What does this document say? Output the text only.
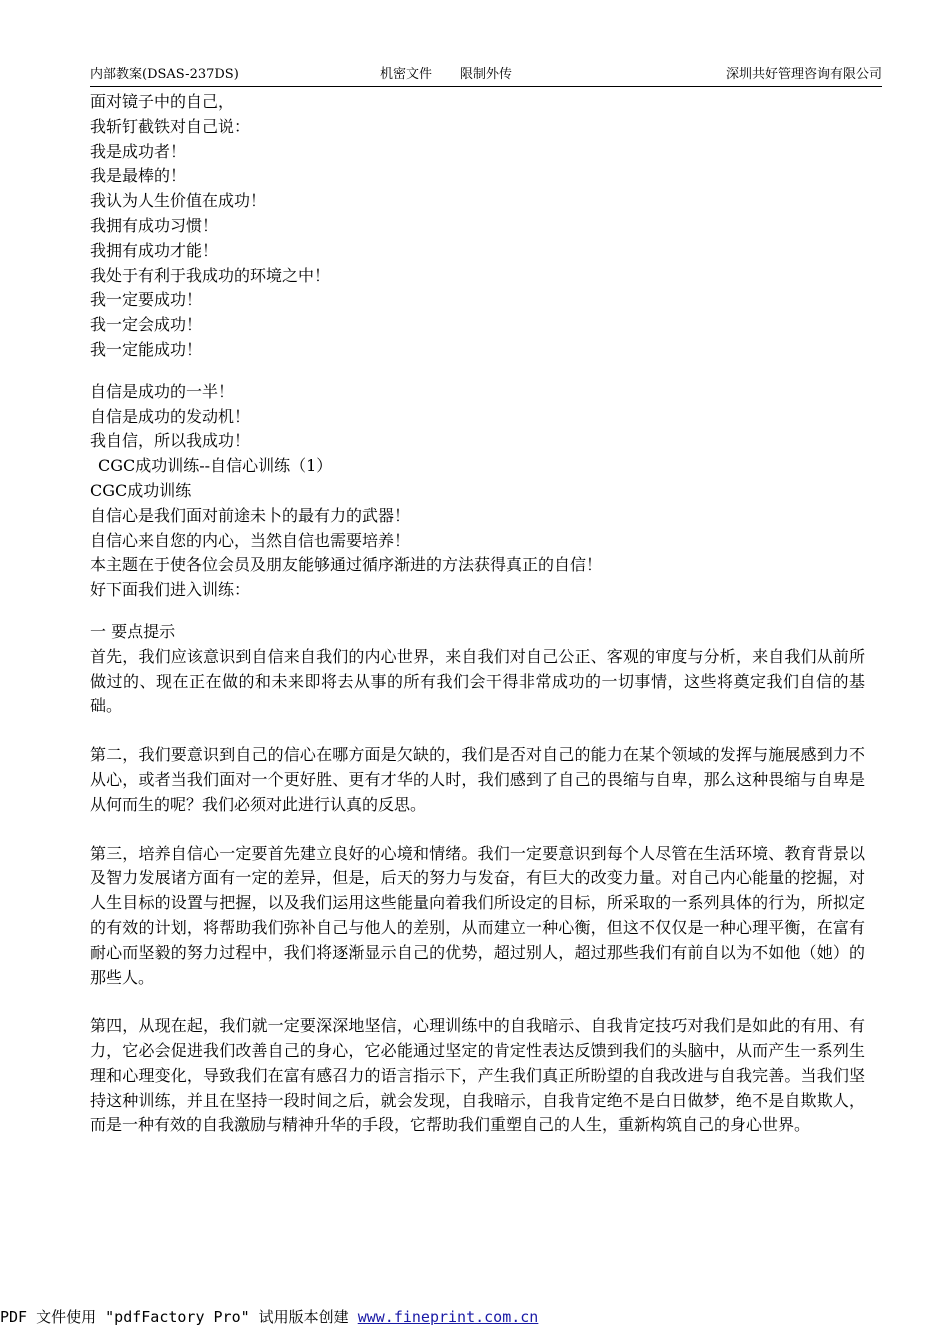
内部教案(DSAS-237DS)	机密文件 限制外传	深圳共好管理咨询有限公司
面对镜子中的自己，
我斩钉截铁对自己说：
我是成功者！
我是最棒的！
我认为人生价值在成功！
我拥有成功习惯！
我拥有成功才能！
我处于有利于我成功的环境之中！
我一定要成功！
我一定会成功！
我一定能成功！
自信是成功的一半！
自信是成功的发动机！
我自信，所以我成功！
CGC成功训练--自信心训练（1）
CGC成功训练
自信心是我们面对前途未卜的最有力的武器！
自信心来自您的内心，当然自信也需要培养！
本主题在于使各位会员及朋友能够通过循序渐进的方法获得真正的自信！
好下面我们进入训练：
一 要点提示

首先，我们应该意识到自信来自我们的内心世界，来自我们对自己公正、客观的审度与分析，来自我们从前所做过的、现在正在做的和未来即将去从事的所有我们会干得非常成功的一切事情，这些将奠定我们自信的基础。

第二，我们要意识到自己的信心在哪方面是欠缺的，我们是否对自己的能力在某个领域的发挥与施展感到力不从心，或者当我们面对一个更好胜、更有才华的人时，我们感到了自己的畏缩与自卑，那么这种畏缩与自卑是从何而生的呢？我们必须对此进行认真的反思。

第三，培养自信心一定要首先建立良好的心境和情绪。我们一定要意识到每个人尽管在生活环境、教育背景以及智力发展诸方面有一定的差异，但是，后天的努力与发奋，有巨大的改变力量。对自己内心能量的挖掘，对人生目标的设置与把握，以及我们运用这些能量向着我们所设定的目标，所采取的一系列具体的行为，所拟定的有效的计划，将帮助我们弥补自己与他人的差别，从而建立一种心衡，但这不仅仅是一种心理平衡，在富有耐心而坚毅的努力过程中，我们将逐渐显示自己的优势，超过别人，超过那些我们有前自以为不如他（她）的那些人。

第四，从现在起，我们就一定要深深地坚信，心理训练中的自我暗示、自我肯定技巧对我们是如此的有用、有力，它必会促进我们改善自己的身心，它必能通过坚定的肯定性表达反馈到我们的头脑中，从而产生一系列生理和心理变化，导致我们在富有感召力的语言指示下，产生我们真正所盼望的自我改进与自我完善。当我们坚持这种训练，并且在坚持一段时间之后，就会发现，自我暗示，自我肯定绝不是白日做梦，绝不是自欺欺人，而是一种有效的自我激励与精神升华的手段，它帮助我们重塑自己的人生，重新构筑自己的身心世界。

PDF 文件使用 "pdfFactory Pro" 试用版本创建 www.fineprint.com.cn
